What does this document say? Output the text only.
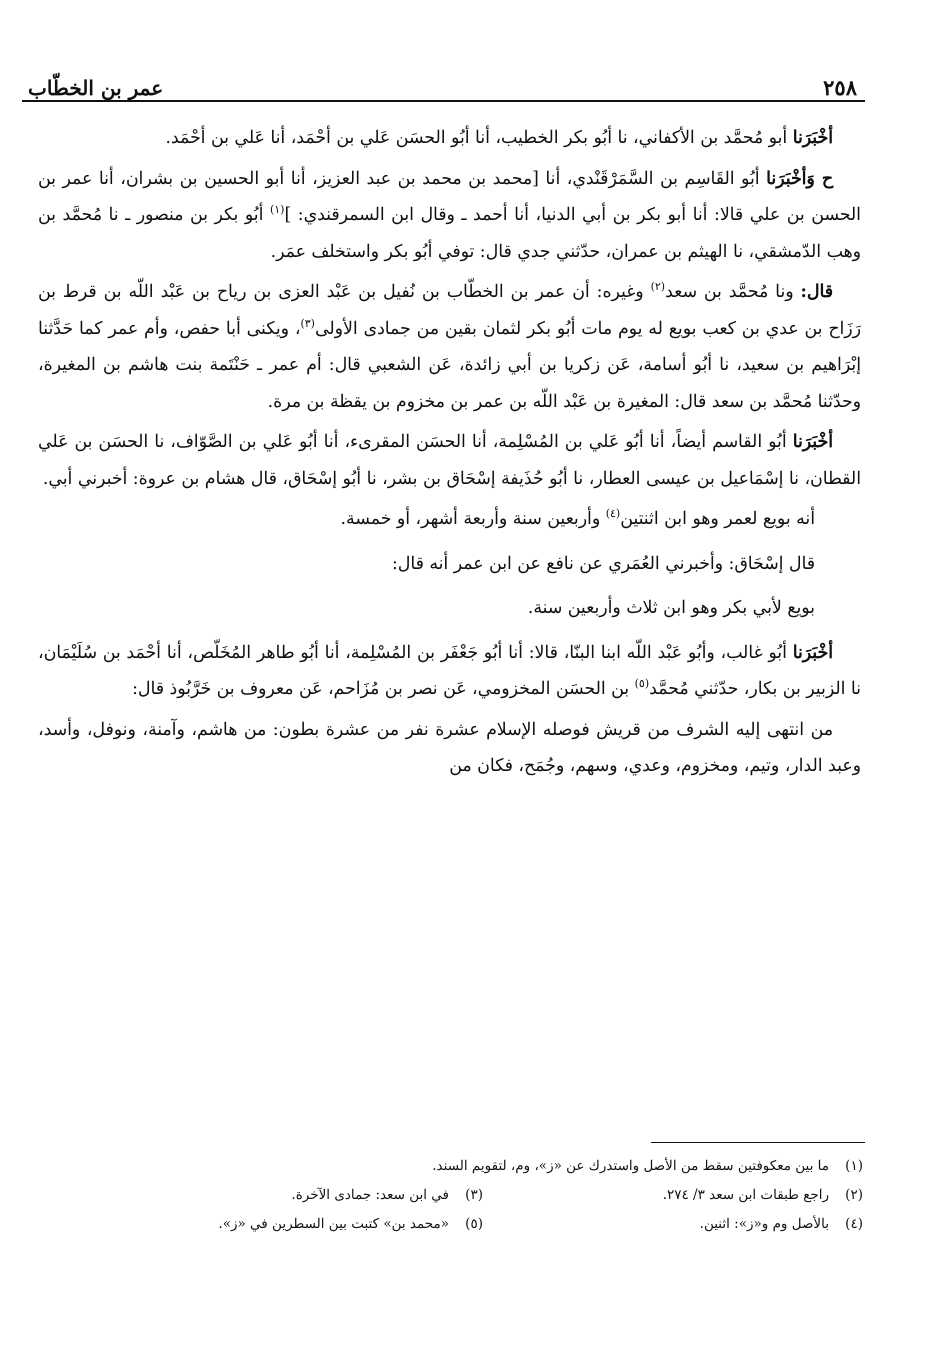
٢٥٨
عمر بن الخطّاب

أخْبَرَنا أبو مُحمَّد بن الأكفاني، نا أبُو بكر الخطيب، أنا أبُو الحسَن عَلي بن أحْمَد، أنا عَلي بن أحْمَد.

ح وَأخْبَرَنا أبُو القَاسِم بن السَّمَرْقَنْدي، أنا [محمد بن محمد بن عبد العزيز، أنا أبو الحسين بن بشران، أنا عمر بن الحسن بن علي قالا: أنا أبو بكر بن أبي الدنيا، أنا أحمد ـ وقال ابن السمرقندي: ]$^{(١)}$ أبُو بكر بن منصور ـ نا مُحمَّد بن وهب الدّمشقي، نا الهيثم بن عمران، حدّثني جدي قال: توفي أبُو بكر واستخلف عمَر.

قال: ونا مُحمَّد بن سعد$^{(٢)}$ وغيره: أن عمر بن الخطّاب بن نُفيل بن عَبْد العزى بن رياح بن عَبْد اللّه بن قرط بن رَزَاح بن عدي بن كعب بويع له يوم مات أبُو بكر لثمان بقين من جمادى الأولى$^{(٣)}$، ويكنى أبا حفص، وأم عمر كما حَدَّثنا إبْرَاهيم بن سعيد، نا أبُو أسامة، عَن زكريا بن أبي زائدة، عَن الشعبي قال: أم عمر ـ حَنْتَمة بنت هاشم بن المغيرة، وحدّثنا مُحمَّد بن سعد قال: المغيرة بن عَبْد اللّه بن عمر بن مخزوم بن يقظة بن مرة.

أخْبَرَنا أبُو القاسم أيضاً، أنا أبُو عَلي بن المُسْلِمة، أنا الحسَن المقرىء، أنا أبُو عَلي بن الصَّوّاف، نا الحسَن بن عَلي القطان، نا إسْمَاعيل بن عيسى العطار، نا أبُو حُذَيفة إسْحَاق بن بشر، نا أبُو إسْحَاق، قال هشام بن عروة: أخبرني أبي.

أنه بويع لعمر وهو ابن اثنتين$^{(٤)}$ وأربعين سنة وأربعة أشهر، أو خمسة.

قال إسْحَاق: وأخبرني العُمَري عن نافع عن ابن عمر أنه قال:

بويع لأبي بكر وهو ابن ثلاث وأربعين سنة.

أخْبَرَنا أبُو غالب، وأبُو عَبْد اللّه ابنا البنّا، قالا: أنا أبُو جَعْفَر بن المُسْلِمة، أنا أبُو طاهر المُخَلّص، أنا أحْمَد بن سُلَيْمَان، نا الزبير بن بكار، حدّثني مُحمَّد$^{(٥)}$ بن الحسَن المخزومي، عَن نصر بن مُزَاحم، عَن معروف بن خَرَّبُوذ قال:

من انتهى إليه الشرف من قريش فوصله الإسلام عشرة نفر من عشرة بطون: من هاشم، وآمنة، ونوفل، وأسد، وعبد الدار، وتيم، ومخزوم، وعدي، وسهم، وجُمَح، فكان من

(١)ما بين معكوفتين سقط من الأصل واستدرك عن «ز»، وم، لتقويم السند.
(٢)راجع طبقات ابن سعد ٣/ ٢٧٤.
(٣)في ابن سعد: جمادى الآخرة.
(٤)بالأصل وم و«ز»: اثنين.
(٥)«محمد بن» كتبت بين السطرين في «ز».
